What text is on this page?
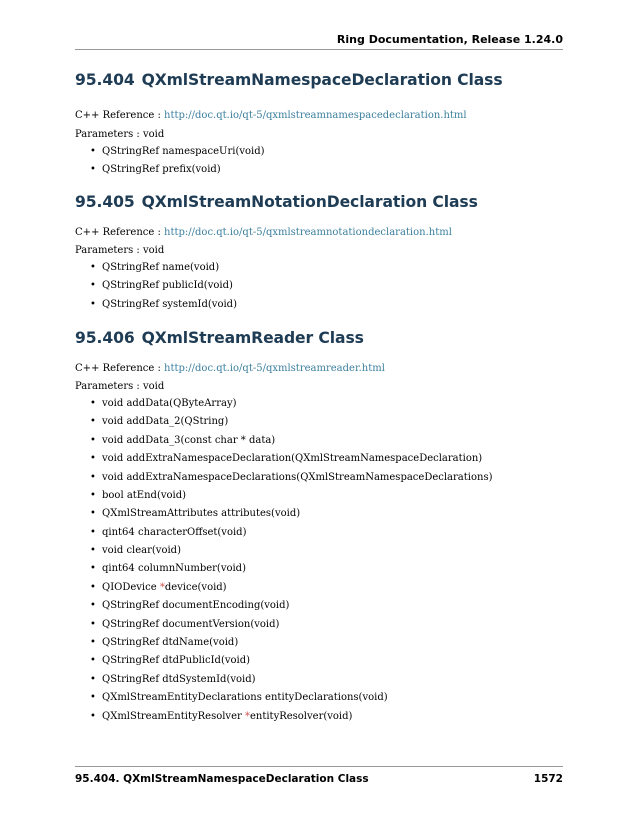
Ring Documentation, Release 1.24.0
95.404 QXmlStreamNamespaceDeclaration Class

C++ Reference : http://doc.qt.io/qt-5/qxmlstreamnamespacedeclaration.html

Parameters : void

• QStringRef namespaceUri(void)
• QStringRef prefix(void)
95.405 QXmlStreamNotationDeclaration Class

C++ Reference : http://doc.qt.io/qt-5/qxmlstreamnotationdeclaration.html

Parameters : void

• QStringRef name(void)
• QStringRef publicId(void)
• QStringRef systemId(void)
95.406 QXmlStreamReader Class

C++ Reference : http://doc.qt.io/qt-5/qxmlstreamreader.html

Parameters : void

• void addData(QByteArray)
• void addData_2(QString)
• void addData_3(const char * data)
• void addExtraNamespaceDeclaration(QXmlStreamNamespaceDeclaration)
• void addExtraNamespaceDeclarations(QXmlStreamNamespaceDeclarations)
• bool atEnd(void)
• QXmlStreamAttributes attributes(void)
• qint64 characterOffset(void)
• void clear(void)
• qint64 columnNumber(void)
• QIODevice *device(void)
• QStringRef documentEncoding(void)
• QStringRef documentVersion(void)
• QStringRef dtdName(void)
• QStringRef dtdPublicId(void)
• QStringRef dtdSystemId(void)
• QXmlStreamEntityDeclarations entityDeclarations(void)
• QXmlStreamEntityResolver *entityResolver(void)
95.404. QXmlStreamNamespaceDeclaration Class	1572
